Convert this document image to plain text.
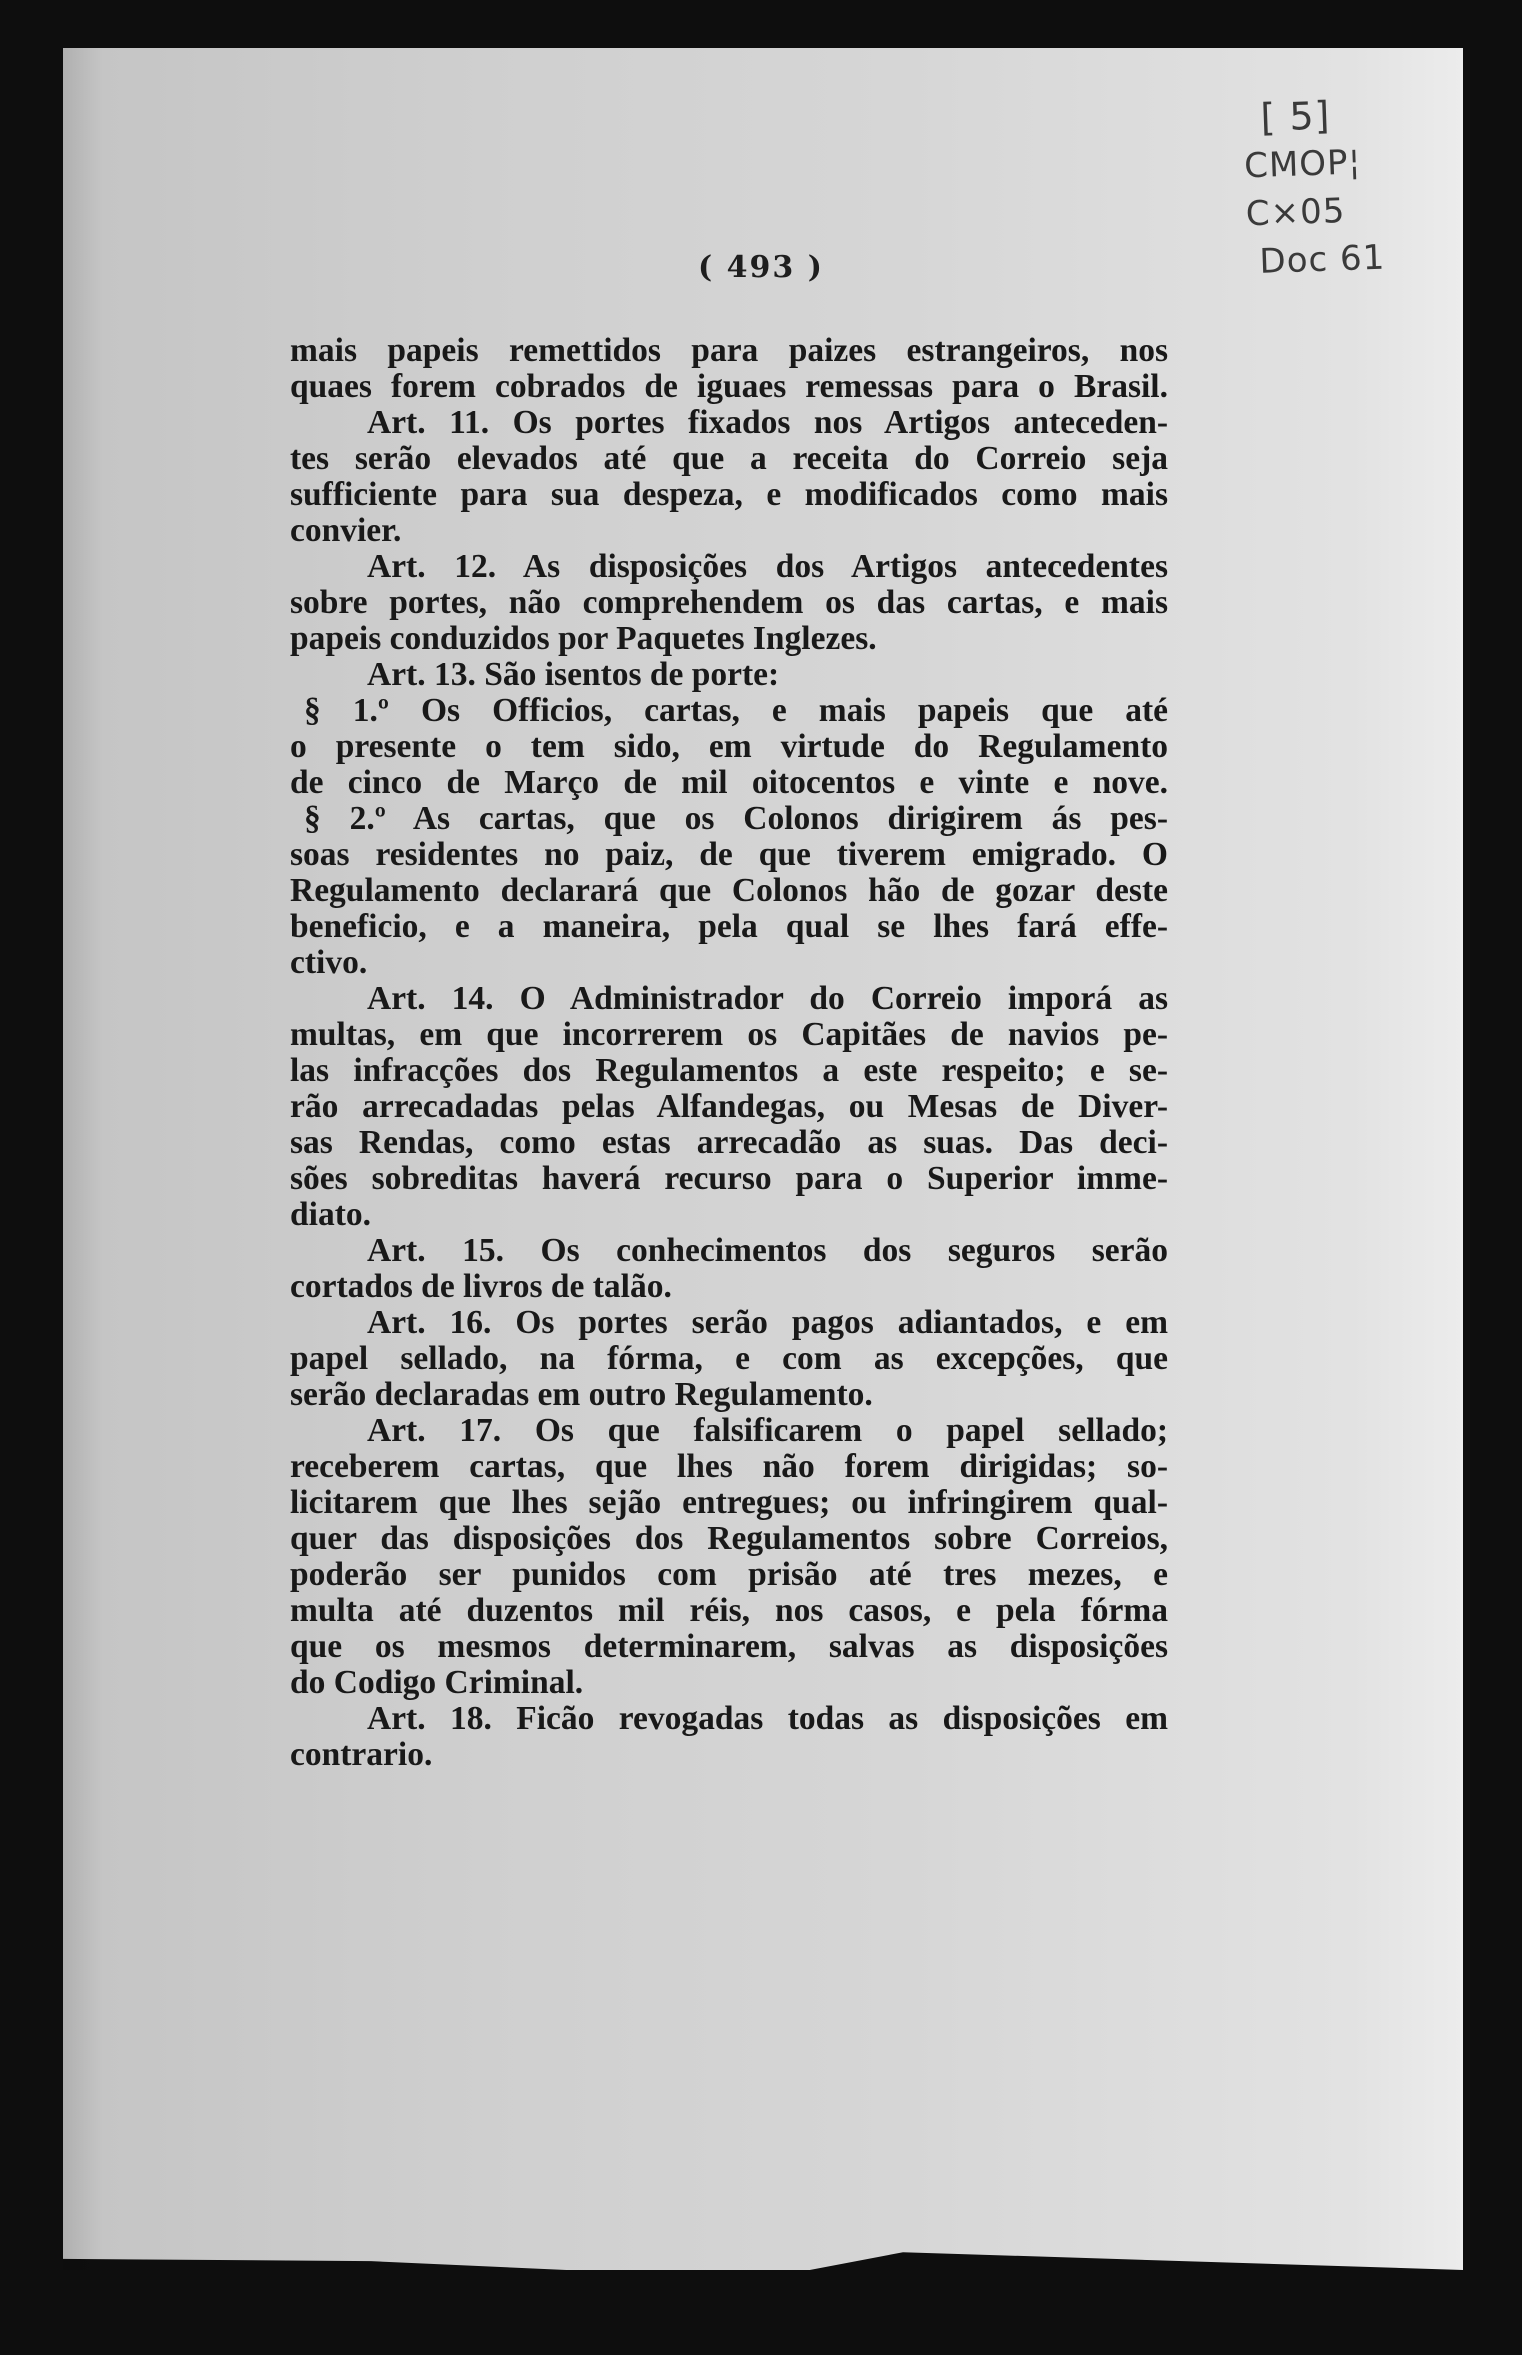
[ 5]
CMOP¦
C×05
Doc 61
( 493 )
mais papeis remettidos para paizes estrangeiros, nos
quaes forem cobrados de iguaes remessas para o Brasil.
Art. 11. Os portes fixados nos Artigos anteceden-
tes serão elevados até que a receita do Correio seja
sufficiente para sua despeza, e modificados como mais
convier.
Art. 12. As disposições dos Artigos antecedentes
sobre portes, não comprehendem os das cartas, e mais
papeis conduzidos por Paquetes Inglezes.
Art. 13. São isentos de porte:
§ 1.º Os Officios, cartas, e mais papeis que até
o presente o tem sido, em virtude do Regulamento
de cinco de Março de mil oitocentos e vinte e nove.
§ 2.º As cartas, que os Colonos dirigirem ás pes-
soas residentes no paiz, de que tiverem emigrado. O
Regulamento declarará que Colonos hão de gozar deste
beneficio, e a maneira, pela qual se lhes fará effe-
ctivo.
Art. 14. O Administrador do Correio imporá as
multas, em que incorrerem os Capitães de navios pe-
las infracções dos Regulamentos a este respeito; e se-
rão arrecadadas pelas Alfandegas, ou Mesas de Diver-
sas Rendas, como estas arrecadão as suas. Das deci-
sões sobreditas haverá recurso para o Superior imme-
diato.
Art. 15. Os conhecimentos dos seguros serão
cortados de livros de talão.
Art. 16. Os portes serão pagos adiantados, e em
papel sellado, na fórma, e com as excepções, que
serão declaradas em outro Regulamento.
Art. 17. Os que falsificarem o papel sellado;
receberem cartas, que lhes não forem dirigidas; so-
licitarem que lhes sejão entregues; ou infringirem qual-
quer das disposições dos Regulamentos sobre Correios,
poderão ser punidos com prisão até tres mezes, e
multa até duzentos mil réis, nos casos, e pela fórma
que os mesmos determinarem, salvas as disposições
do Codigo Criminal.
Art. 18. Ficão revogadas todas as disposições em
contrario.
